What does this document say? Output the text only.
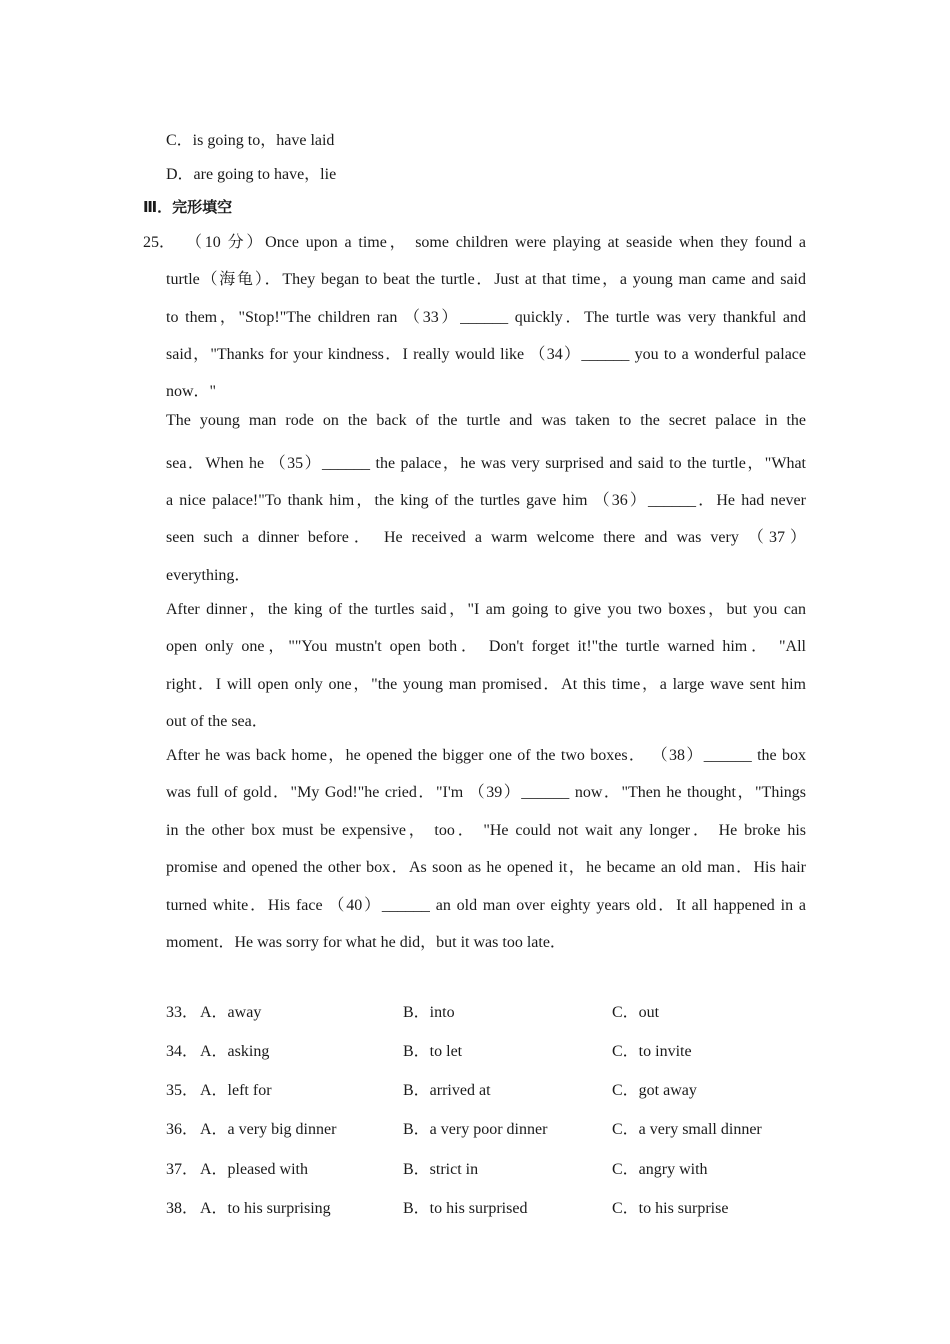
C．is going to，have laid
D．are going to have，lie
Ⅲ．完形填空
25． （10 分）Once upon a time， some children were playing at seaside when they found a
turtle（海龟）．They began to beat the turtle．Just at that time，a young man came and said
to them，"Stop!"The children ran （33）______ quickly．The turtle was very thankful and
said，"Thanks for your kindness．I really would like （34）______ you to a wonderful palace
now．"
The young man rode on the back of the turtle and was taken to the secret palace in the
sea．When he （35）______ the palace，he was very surprised and said to the turtle，"What
a nice palace!"To thank him，the king of the turtles gave him （36）______．He had never
seen such a dinner before． He received a warm welcome there and was very （37）
everything．
After dinner，the king of the turtles said，"I am going to give you two boxes，but you can
open only one，""You mustn't open both． Don't forget it!"the turtle warned him． "All
right．I will open only one，"the young man promised．At this time，a large wave sent him
out of the sea．
After he was back home，he opened the bigger one of the two boxes． （38）______ the box
was full of gold．"My God!"he cried．"I'm （39）______ now．"Then he thought，"Things
in the other box must be expensive， too． "He could not wait any longer． He broke his
promise and opened the other box．As soon as he opened it，he became an old man．His hair
turned white．His face （40）______ an old man over eighty years old．It all happened in a
moment．He was sorry for what he did，but it was too late．
33． A．away	B．into	C．out
34． A．asking	B．to let	C．to invite
35． A．left for	B．arrived at	C．got away
36． A．a very big dinner	B．a very poor dinner	C．a very small dinner
37． A．pleased with	B．strict in	C．angry with
38． A．to his surprising	B．to his surprised	C．to his surprise
